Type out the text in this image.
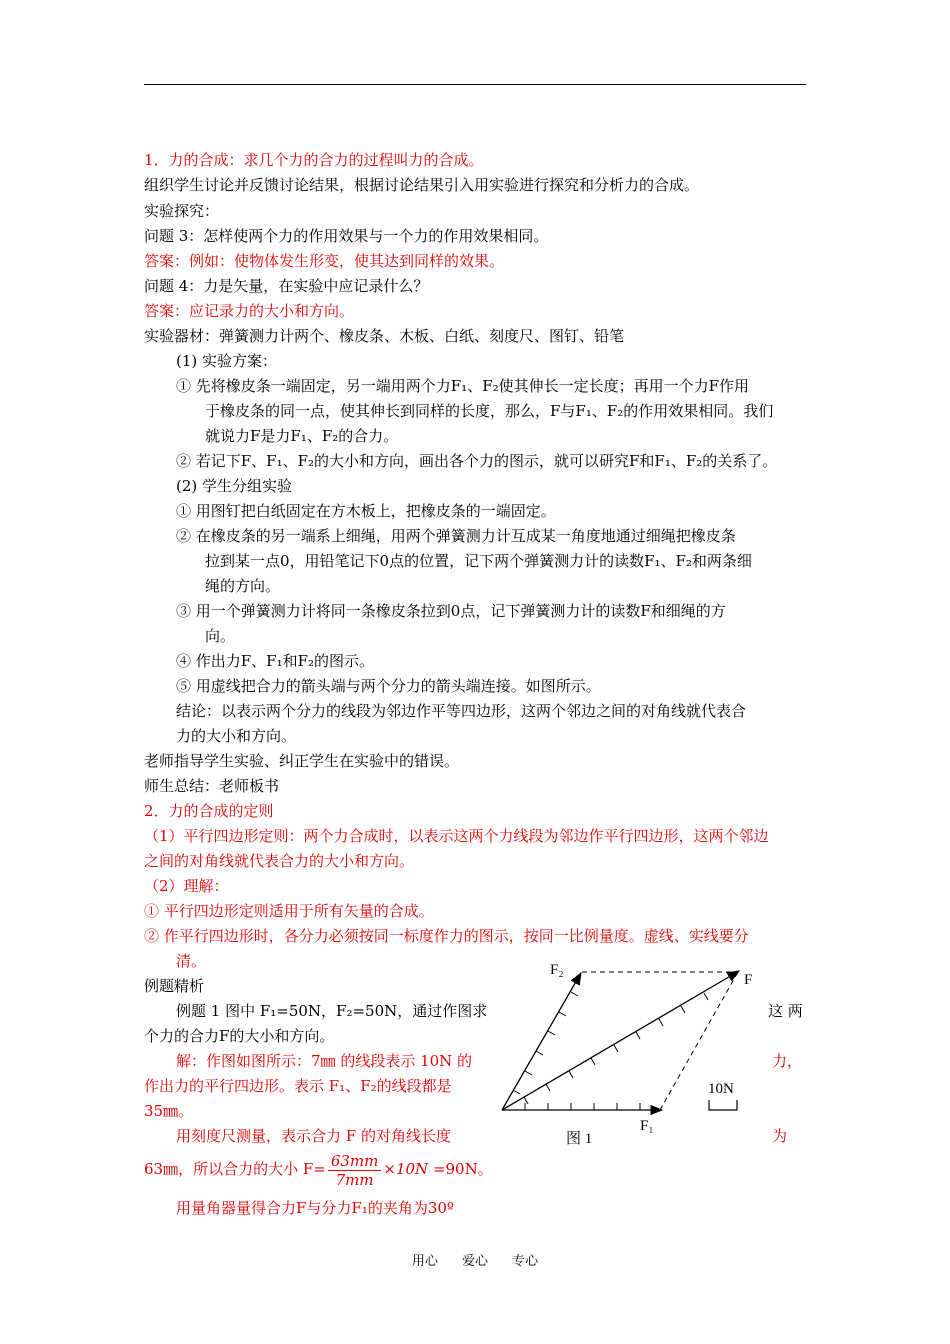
1．力的合成：求几个力的合力的过程叫力的合成。
组织学生讨论并反馈讨论结果，根据讨论结果引入用实验进行探究和分析力的合成。
实验探究：
问题 3：怎样使两个力的作用效果与一个力的作用效果相同。
答案：例如：使物体发生形变，使其达到同样的效果。
问题 4：力是矢量，在实验中应记录什么？
答案：应记录力的大小和方向。
实验器材：弹簧测力计两个、橡皮条、木板、白纸、刻度尺、图钉、铅笔
(1) 实验方案：
① 先将橡皮条一端固定，另一端用两个力F₁、F₂使其伸长一定长度；再用一个力F作用
于橡皮条的同一点，使其伸长到同样的长度，那么，F与F₁、F₂的作用效果相同。我们
就说力F是力F₁、F₂的合力。
② 若记下F、F₁、F₂的大小和方向，画出各个力的图示，就可以研究F和F₁、F₂的关系了。
(2) 学生分组实验
① 用图钉把白纸固定在方木板上，把橡皮条的一端固定。
② 在橡皮条的另一端系上细绳，用两个弹簧测力计互成某一角度地通过细绳把橡皮条
拉到某一点0，用铅笔记下0点的位置，记下两个弹簧测力计的读数F₁、F₂和两条细
绳的方向。
③ 用一个弹簧测力计将同一条橡皮条拉到0点，记下弹簧测力计的读数F和细绳的方
向。
④ 作出力F、F₁和F₂的图示。
⑤ 用虚线把合力的箭头端与两个分力的箭头端连接。如图所示。
结论：以表示两个分力的线段为邻边作平等四边形，这两个邻边之间的对角线就代表合
力的大小和方向。
老师指导学生实验、纠正学生在实验中的错误。
师生总结：老师板书
2．力的合成的定则
（1）平行四边形定则：两个力合成时，以表示这两个力线段为邻边作平行四边形，这两个邻边
之间的对角线就代表合力的大小和方向。
（2）理解：
① 平行四边形定则适用于所有矢量的合成。
② 作平行四边形时，各分力必须按同一标度作力的图示，按同一比例量度。虚线、实线要分
清。
例题精析
例题 1 图中 F₁=50N，F₂=50N，通过作图求	这 两
个力的合力F的大小和方向。
解：作图如图所示：7㎜ 的线段表示 10N 的	力，
作出力的平行四边形。表示 F₁、F₂的线段都是
35㎜。
用刻度尺测量，表示合力 F 的对角线长度	为
63㎜，所以合力的大小 $F= \frac{63mm}{7mm} \times 10N =90N$。
用量角器量得合力F与分力F₁的夹角为30º
F₂
F
F₁
10N
图 1
用心 爱心 专心
